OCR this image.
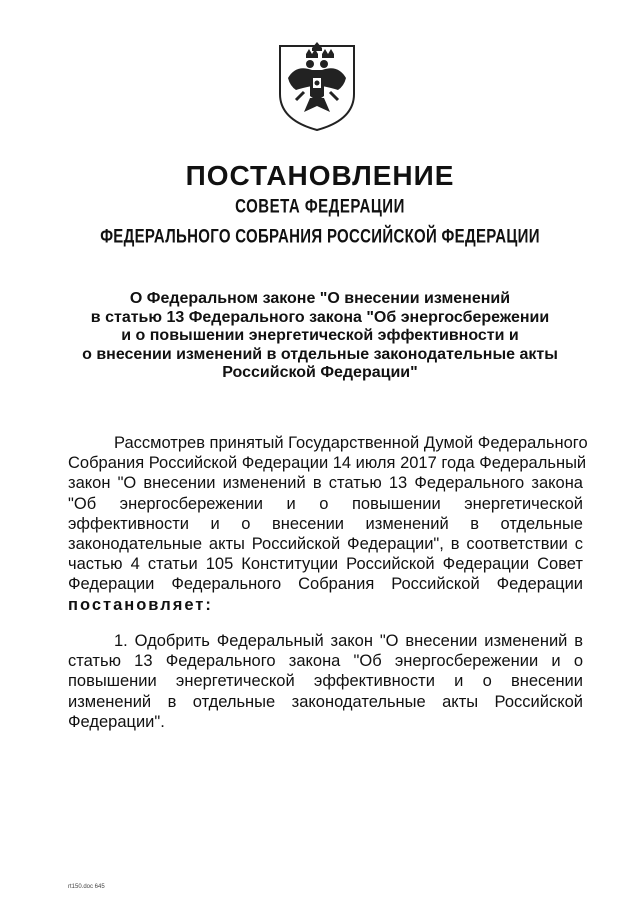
ПОСТАНОВЛЕНИЕ
СОВЕТА ФЕДЕРАЦИИ
ФЕДЕРАЛЬНОГО СОБРАНИЯ РОССИЙСКОЙ ФЕДЕРАЦИИ
О Федеральном законе "О внесении изменений
в статью 13 Федерального закона "Об энергосбережении
и о повышении энергетической эффективности и
о внесении изменений в отдельные законодательные акты
Российской Федерации"
Рассмотрев принятый Государственной Думой Федерального
Собрания Российской Федерации 14 июля 2017 года Федеральный
закон "О внесении изменений в статью 13 Федерального закона
"Об энергосбережении и о повышении энергетической
эффективности и о внесении изменений в отдельные
законодательные акты Российской Федерации", в соответствии с
частью 4 статьи 105 Конституции Российской Федерации Совет
Федерации Федерального Собрания Российской Федерации
постановляет:
1. Одобрить Федеральный закон "О внесении изменений в
статью 13 Федерального закона "Об энергосбережении и о
повышении энергетической эффективности и о внесении
изменений в отдельные законодательные акты Российской
Федерации".
rt150.doc 645
